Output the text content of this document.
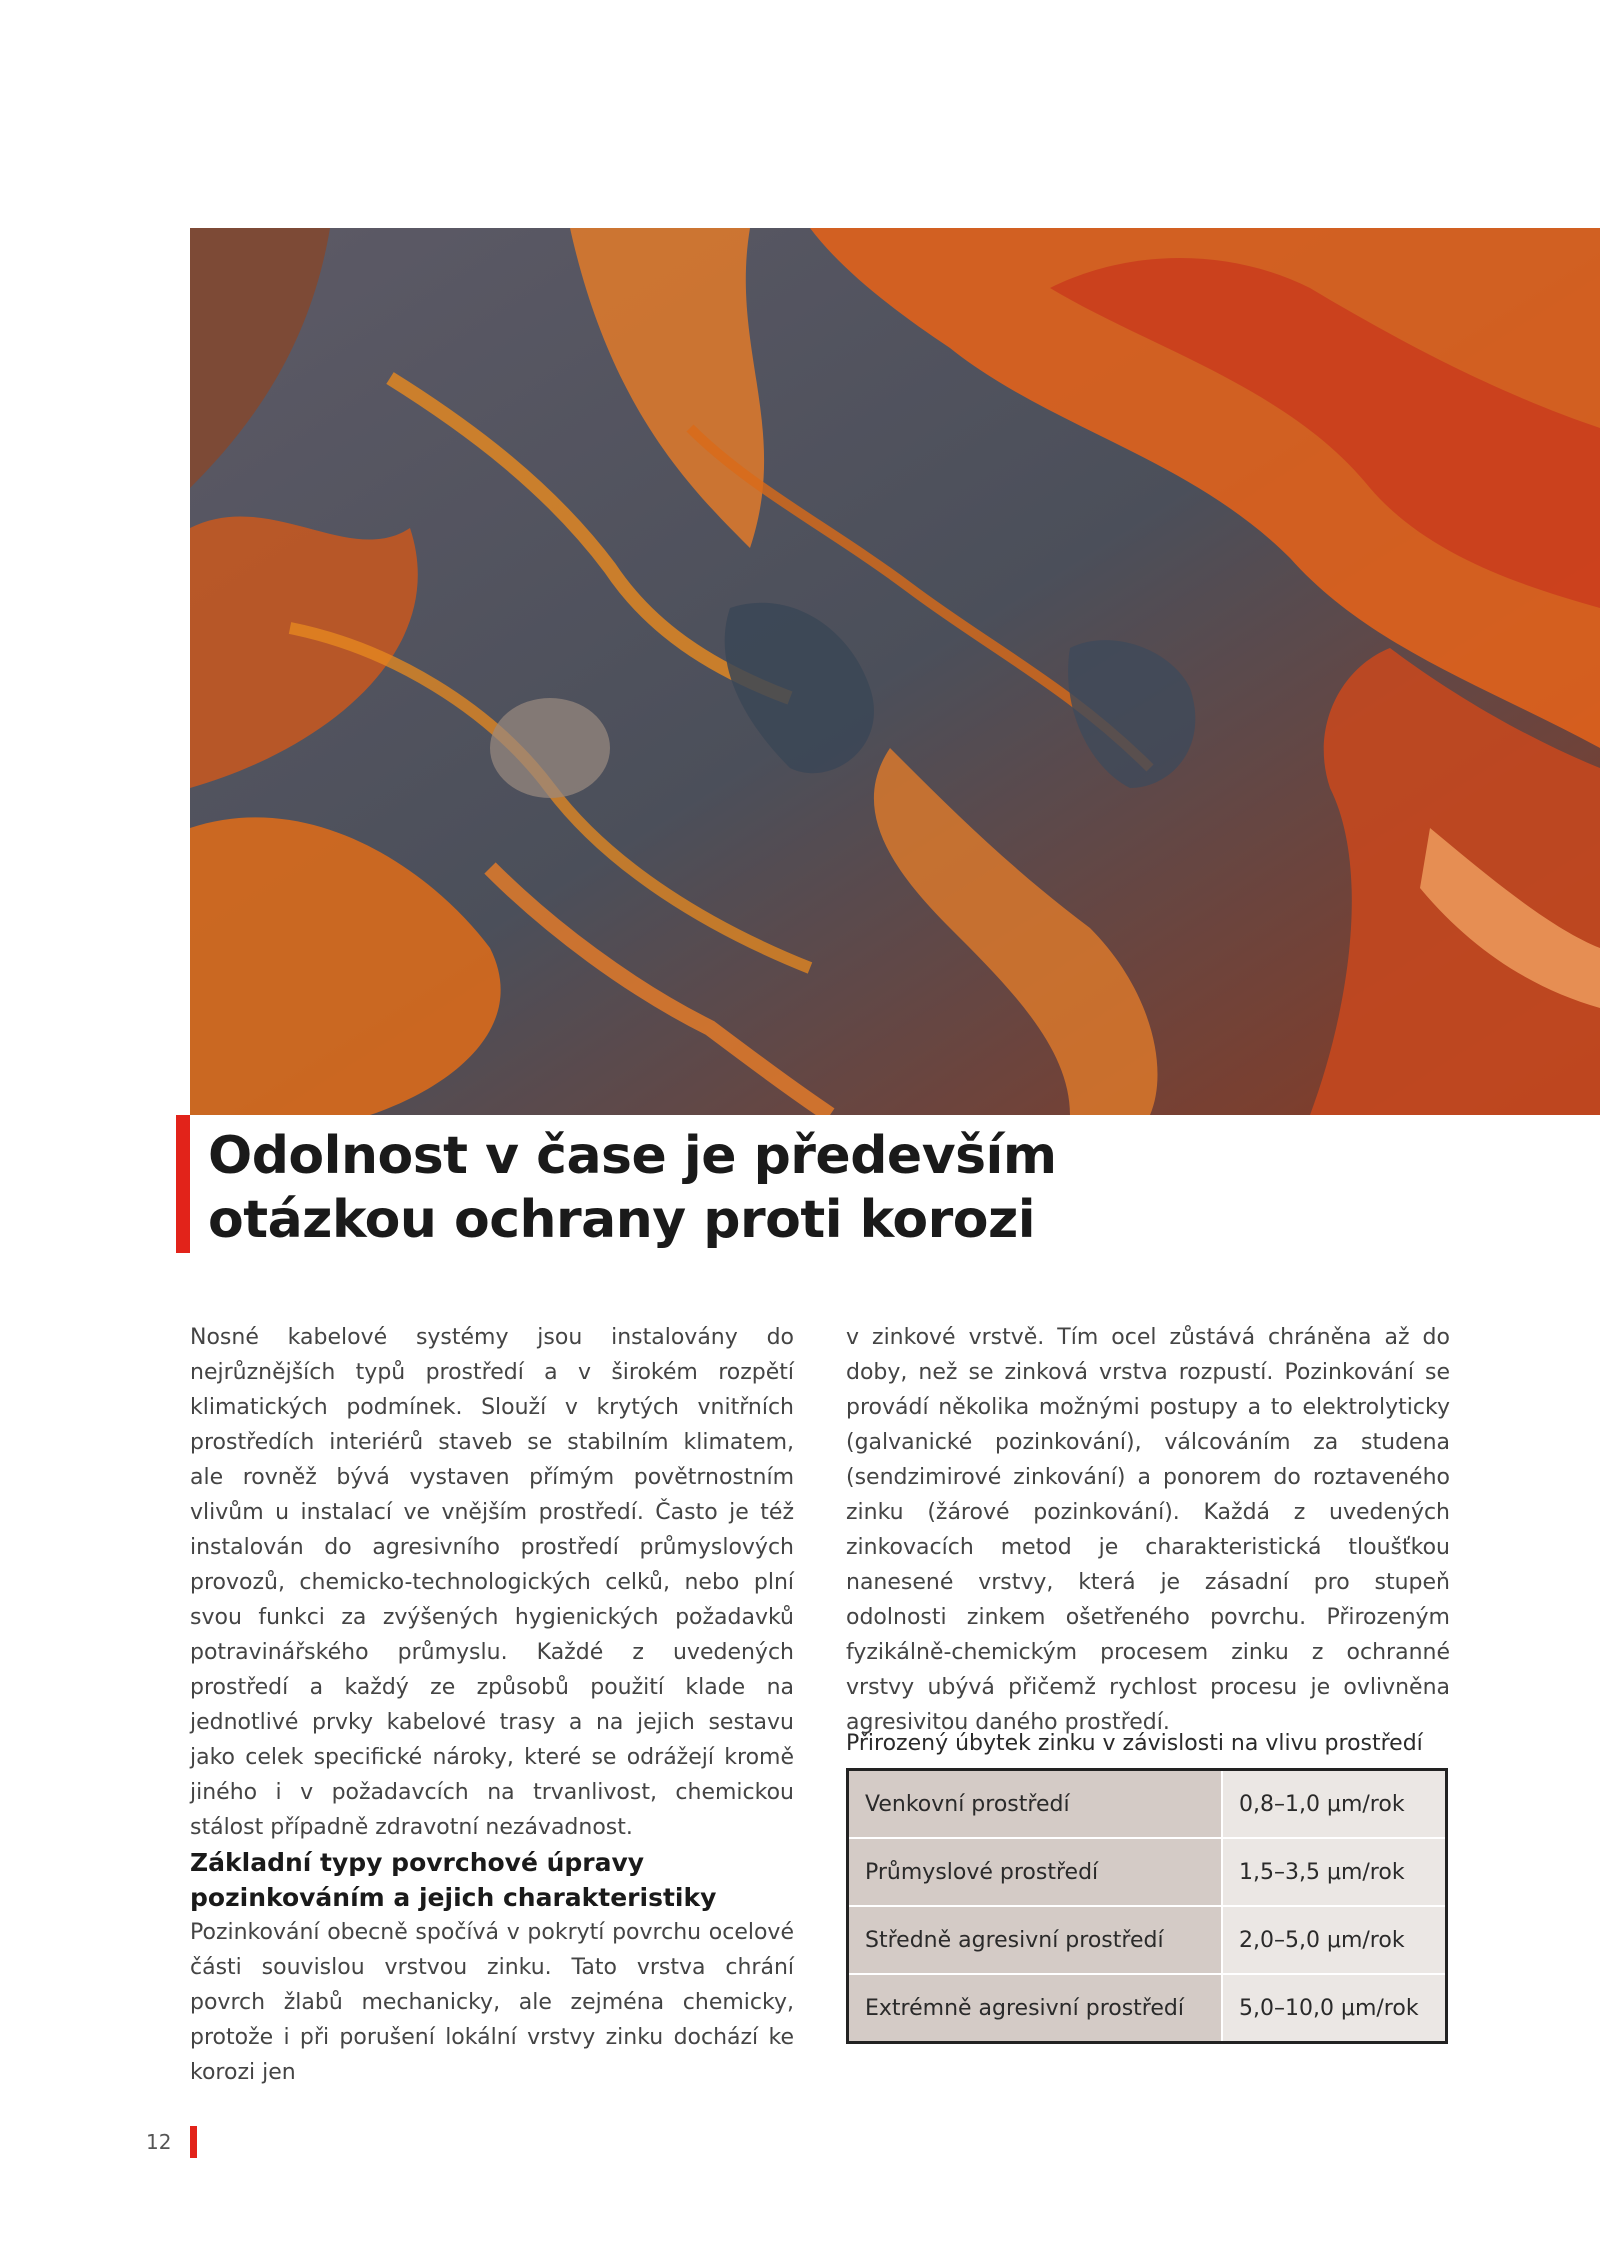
Odolnost v čase je především
otázkou ochrany proti korozi

Nosné kabelové systémy jsou instalovány do nejrůznějších typů prostředí a v širokém rozpětí klimatických podmínek. Slouží v krytých vnitřních prostředích interiérů staveb se stabilním klimatem, ale rovněž bývá vystaven přímým povětrnostním vlivům u instalací ve vnějším prostředí. Často je též instalován do agresivního prostředí průmyslových provozů, chemicko-technologických celků, nebo plní svou funkci za zvýšených hygienických požadavků potravinářského průmyslu. Každé z uvedených prostředí a každý ze způsobů použití klade na jednotlivé prvky kabelové trasy a na jejich sestavu jako celek specifické nároky, které se odrážejí kromě jiného i v požadavcích na trvanlivost, chemickou stálost případně zdravotní nezávadnost.

Základní typy povrchové úpravy pozinkováním a jejich charakteristiky

Pozinkování obecně spočívá v pokrytí povrchu ocelové části souvislou vrstvou zinku. Tato vrstva chrání povrch žlabů mechanicky, ale zejména chemicky, protože i při porušení lokální vrstvy zinku dochází ke korozi jen

v zinkové vrstvě. Tím ocel zůstává chráněna až do doby, než se zinková vrstva rozpustí. Pozinkování se provádí několika možnými postupy a to elektrolyticky (galvanické pozinkování), válcováním za studena (sendzimirové zinkování) a ponorem do roztaveného zinku (žárové pozinkování). Každá z uvedených zinkovacích metod je charakteristická tloušťkou nanesené vrstvy, která je zásadní pro stupeň odolnosti zinkem ošetřeného povrchu. Přirozeným fyzikálně-chemickým procesem zinku z ochranné vrstvy ubývá přičemž rychlost procesu je ovlivněna agresivitou daného prostředí.

Přirozený úbytek zinku v závislosti na vlivu prostředí
Venkovní prostředí	0,8–1,0 μm/rok
Průmyslové prostředí	1,5–3,5 μm/rok
Středně agresivní prostředí	2,0–5,0 μm/rok
Extrémně agresivní prostředí	5,0–10,0 μm/rok
12
